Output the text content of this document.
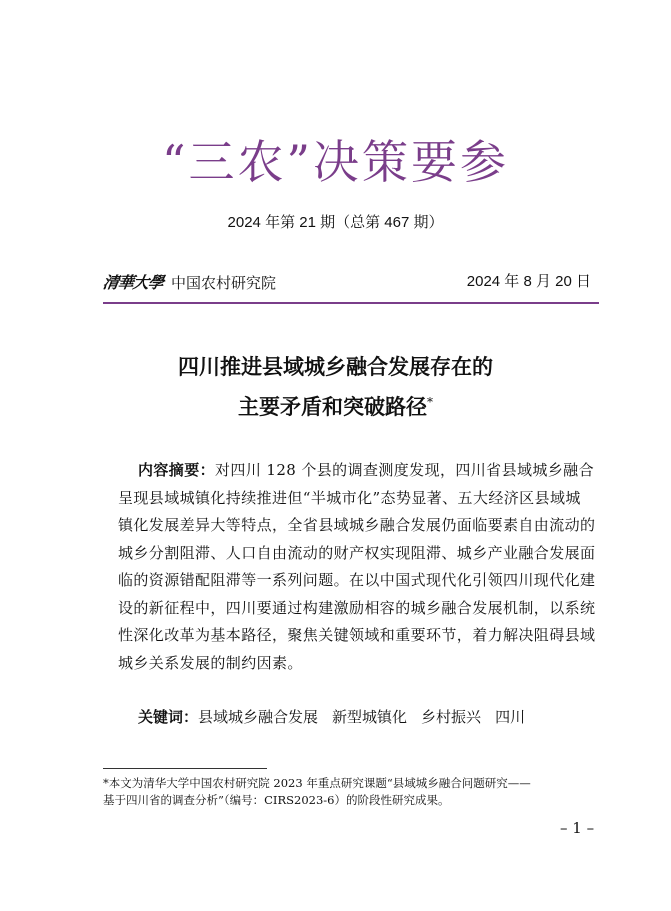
“三农”决策要参
2024 年第 21 期（总第 467 期）
清華大學 中国农村研究院	2024 年 8 月 20 日
四川推进县域城乡融合发展存在的
主要矛盾和突破路径*
内容摘要：对四川 128 个县的调查测度发现，四川省县域城乡融合
呈现县域城镇化持续推进但“半城市化”态势显著、五大经济区县域城
镇化发展差异大等特点，全省县域城乡融合发展仍面临要素自由流动的
城乡分割阻滞、人口自由流动的财产权实现阻滞、城乡产业融合发展面
临的资源错配阻滞等一系列问题。在以中国式现代化引领四川现代化建
设的新征程中，四川要通过构建激励相容的城乡融合发展机制，以系统
性深化改革为基本路径，聚焦关键领域和重要环节，着力解决阻碍县域
城乡关系发展的制约因素。
关键词：县域城乡融合发展 新型城镇化 乡村振兴 四川
*本文为清华大学中国农村研究院 2023 年重点研究课题“县域城乡融合问题研究——
基于四川省的调查分析”（编号：CIRS2023-6）的阶段性研究成果。
– 1 –
